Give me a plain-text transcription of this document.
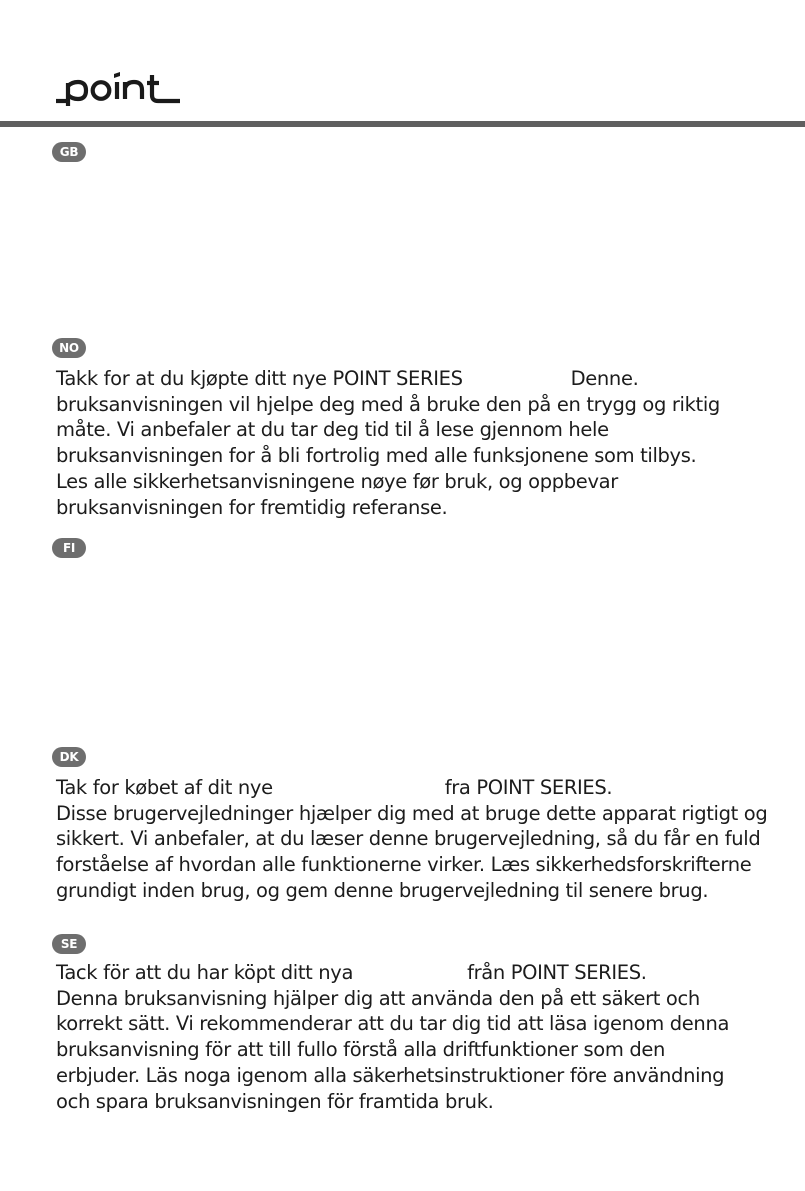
GB
NO

Takk for at du kjøpte ditt nye POINT SERIES	Denne.
bruksanvisningen vil hjelpe deg med å bruke den på en trygg og riktig
måte. Vi anbefaler at du tar deg tid til å lese gjennom hele
bruksanvisningen for å bli fortrolig med alle funksjonene som tilbys.
Les alle sikkerhetsanvisningene nøye før bruk, og oppbevar
bruksanvisningen for fremtidig referanse.

FI
DK

Tak for købet af dit nye	fra POINT SERIES.
Disse brugervejledninger hjælper dig med at bruge dette apparat rigtigt og
sikkert. Vi anbefaler, at du læser denne brugervejledning, så du får en fuld
forståelse af hvordan alle funktionerne virker. Læs sikkerhedsforskrifterne
grundigt inden brug, og gem denne brugervejledning til senere brug.

SE

Tack för att du har köpt ditt nya	från POINT SERIES.
Denna bruksanvisning hjälper dig att använda den på ett säkert och
korrekt sätt. Vi rekommenderar att du tar dig tid att läsa igenom denna
bruksanvisning för att till fullo förstå alla driftfunktioner som den
erbjuder. Läs noga igenom alla säkerhetsinstruktioner före användning
och spara bruksanvisningen för framtida bruk.
